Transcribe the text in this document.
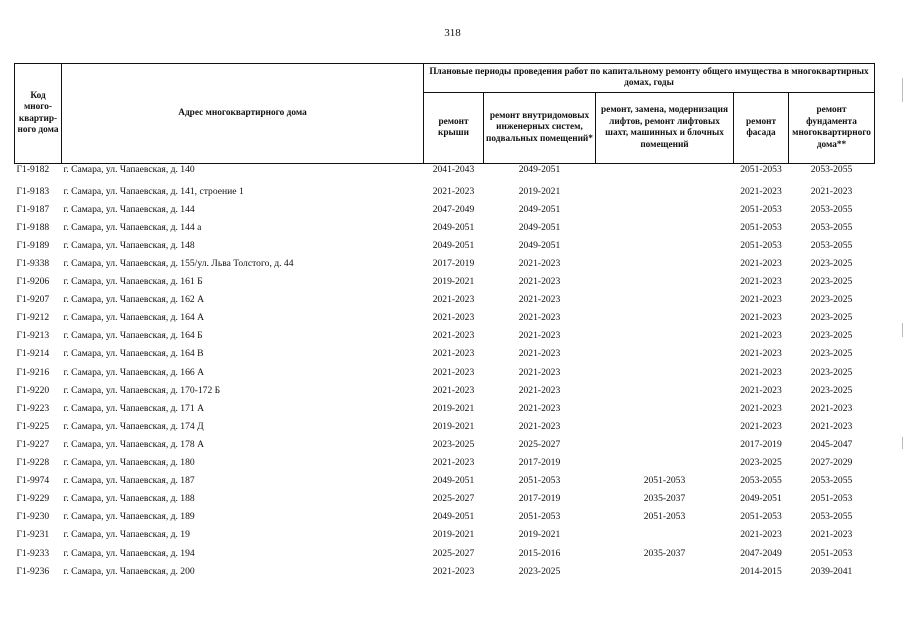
318
Код много-квартир-ного дома	Адрес многоквартирного дома	Плановые периоды проведения работ по капитальному ремонту общего имущества в многоквартирных домах, годы				
		ремонт крыши	ремонт внутридомовых инженерных систем, подвальных помещений*	ремонт, замена, модернизация лифтов, ремонт лифтовых шахт, машинных и блочных помещений	ремонт фасада	ремонт фундамента многоквартирного дома**
Г1-9182	г. Самара, ул. Чапаевская, д. 140	2041-2043	2049-2051		2051-2053	2053-2055
Г1-9183	г. Самара, ул. Чапаевская, д. 141, строение 1	2021-2023	2019-2021		2021-2023	2021-2023
Г1-9187	г. Самара, ул. Чапаевская, д. 144	2047-2049	2049-2051		2051-2053	2053-2055
Г1-9188	г. Самара, ул. Чапаевская, д. 144 а	2049-2051	2049-2051		2051-2053	2053-2055
Г1-9189	г. Самара, ул. Чапаевская, д. 148	2049-2051	2049-2051		2051-2053	2053-2055
Г1-9338	г. Самара, ул. Чапаевская, д. 155/ул. Льва Толстого, д. 44	2017-2019	2021-2023		2021-2023	2023-2025
Г1-9206	г. Самара, ул. Чапаевская, д. 161 Б	2019-2021	2021-2023		2021-2023	2023-2025
Г1-9207	г. Самара, ул. Чапаевская, д. 162 А	2021-2023	2021-2023		2021-2023	2023-2025
Г1-9212	г. Самара, ул. Чапаевская, д. 164 А	2021-2023	2021-2023		2021-2023	2023-2025
Г1-9213	г. Самара, ул. Чапаевская, д. 164 Б	2021-2023	2021-2023		2021-2023	2023-2025
Г1-9214	г. Самара, ул. Чапаевская, д. 164 В	2021-2023	2021-2023		2021-2023	2023-2025
Г1-9216	г. Самара, ул. Чапаевская, д. 166 А	2021-2023	2021-2023		2021-2023	2023-2025
Г1-9220	г. Самара, ул. Чапаевская, д. 170-172 Б	2021-2023	2021-2023		2021-2023	2023-2025
Г1-9223	г. Самара, ул. Чапаевская, д. 171 А	2019-2021	2021-2023		2021-2023	2021-2023
Г1-9225	г. Самара, ул. Чапаевская, д. 174 Д	2019-2021	2021-2023		2021-2023	2021-2023
Г1-9227	г. Самара, ул. Чапаевская, д. 178 А	2023-2025	2025-2027		2017-2019	2045-2047
Г1-9228	г. Самара, ул. Чапаевская, д. 180	2021-2023	2017-2019		2023-2025	2027-2029
Г1-9974	г. Самара, ул. Чапаевская, д. 187	2049-2051	2051-2053	2051-2053	2053-2055	2053-2055
Г1-9229	г. Самара, ул. Чапаевская, д. 188	2025-2027	2017-2019	2035-2037	2049-2051	2051-2053
Г1-9230	г. Самара, ул. Чапаевская, д. 189	2049-2051	2051-2053	2051-2053	2051-2053	2053-2055
Г1-9231	г. Самара, ул. Чапаевская, д. 19	2019-2021	2019-2021		2021-2023	2021-2023
Г1-9233	г. Самара, ул. Чапаевская, д. 194	2025-2027	2015-2016	2035-2037	2047-2049	2051-2053
Г1-9236	г. Самара, ул. Чапаевская, д. 200	2021-2023	2023-2025		2014-2015	2039-2041
